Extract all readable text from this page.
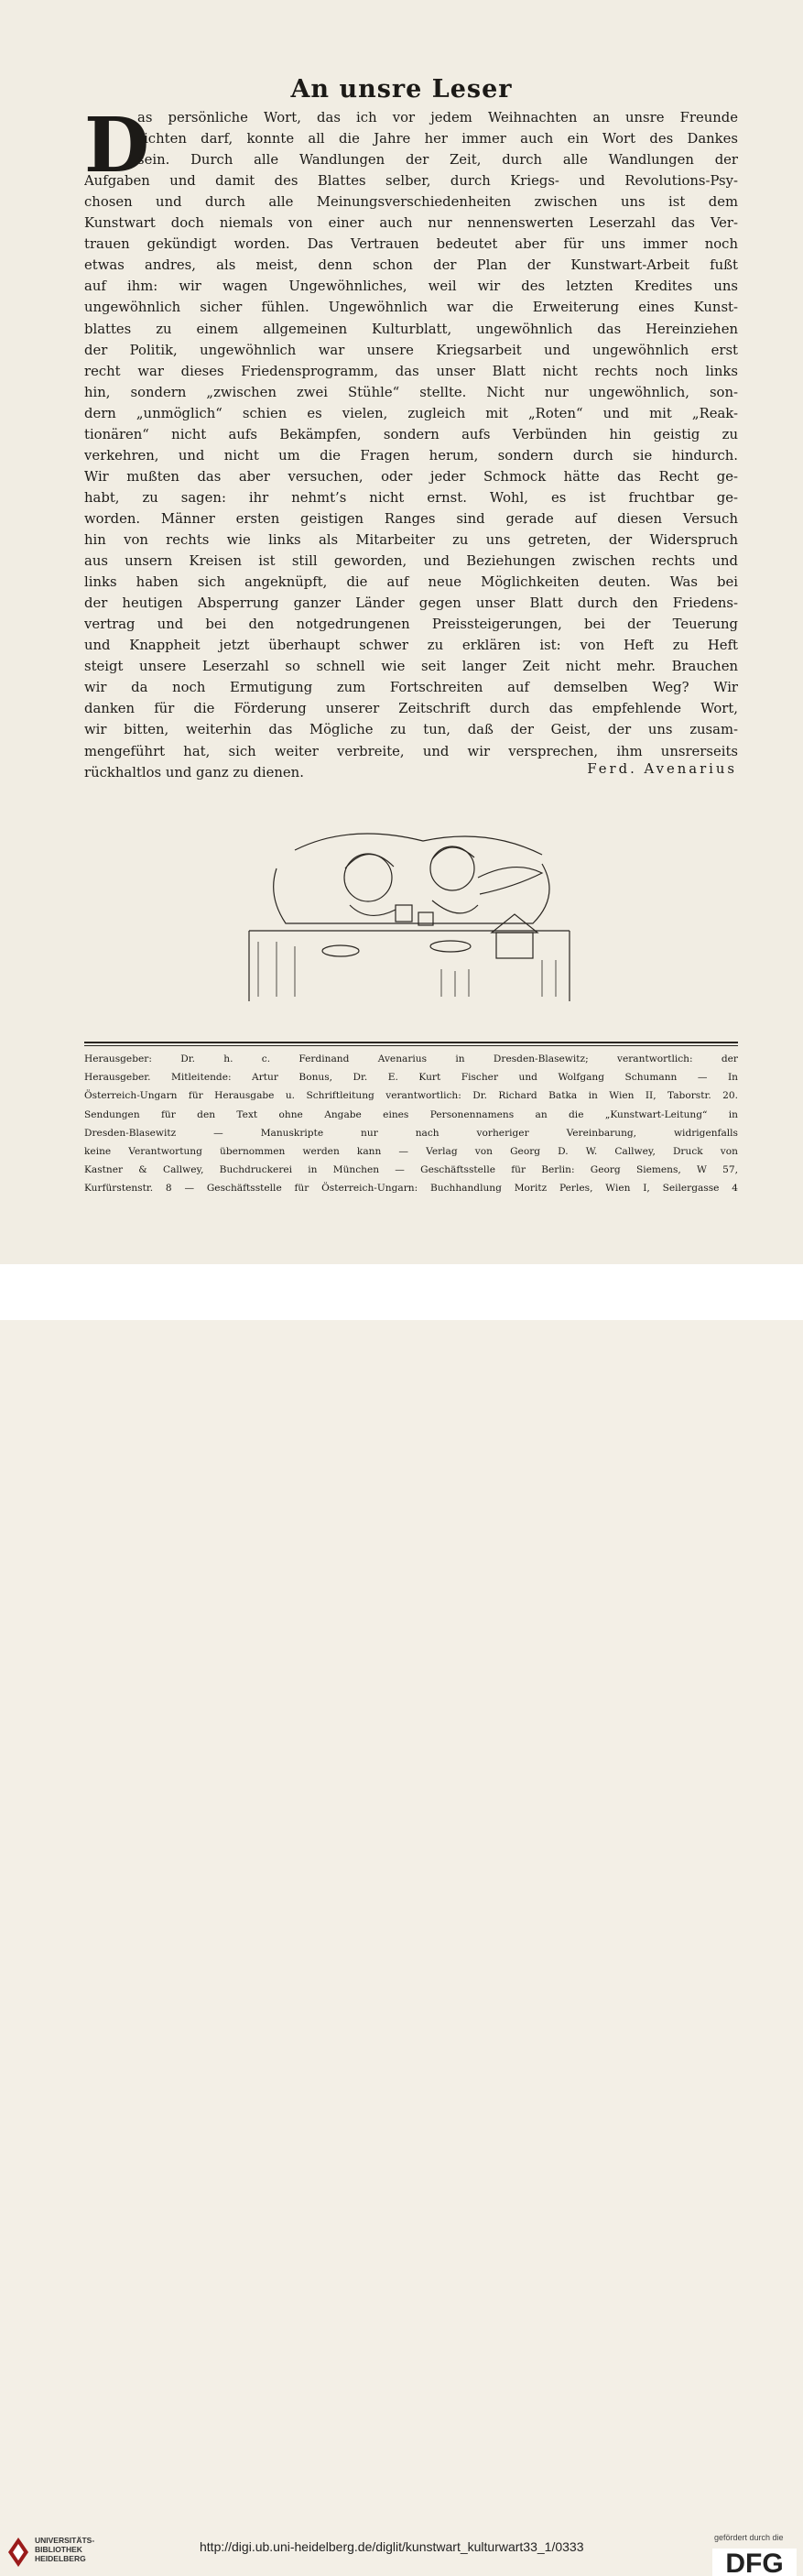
An unsre Leser
D
as persönliche Wort, das ich vor jedem Weihnachten an unsre Freunde
richten darf, konnte all die Jahre her immer auch ein Wort des Dankes
sein. Durch alle Wandlungen der Zeit, durch alle Wandlungen der
Aufgaben und damit des Blattes selber, durch Kriegs- und Revolutions-Psy-
chosen und durch alle Meinungsverschiedenheiten zwischen uns ist dem
Kunstwart doch niemals von einer auch nur nennenswerten Leserzahl das Ver-
trauen gekündigt worden. Das Vertrauen bedeutet aber für uns immer noch
etwas andres, als meist, denn schon der Plan der Kunstwart-Arbeit fußt
auf ihm: wir wagen Ungewöhnliches, weil wir des letzten Kredites uns
ungewöhnlich sicher fühlen. Ungewöhnlich war die Erweiterung eines Kunst-
blattes zu einem allgemeinen Kulturblatt, ungewöhnlich das Hereinziehen
der Politik, ungewöhnlich war unsere Kriegsarbeit und ungewöhnlich erst
recht war dieses Friedensprogramm, das unser Blatt nicht rechts noch links
hin, sondern „zwischen zwei Stühle“ stellte. Nicht nur ungewöhnlich, son-
dern „unmöglich“ schien es vielen, zugleich mit „Roten“ und mit „Reak-
tionären“ nicht aufs Bekämpfen, sondern aufs Verbünden hin geistig zu
verkehren, und nicht um die Fragen herum, sondern durch sie hindurch.
Wir mußten das aber versuchen, oder jeder Schmock hätte das Recht ge-
habt, zu sagen: ihr nehmt’s nicht ernst. Wohl, es ist fruchtbar ge-
worden. Männer ersten geistigen Ranges sind gerade auf diesen Versuch
hin von rechts wie links als Mitarbeiter zu uns getreten, der Widerspruch
aus unsern Kreisen ist still geworden, und Beziehungen zwischen rechts und
links haben sich angeknüpft, die auf neue Möglichkeiten deuten. Was bei
der heutigen Absperrung ganzer Länder gegen unser Blatt durch den Friedens-
vertrag und bei den notgedrungenen Preissteigerungen, bei der Teuerung
und Knappheit jetzt überhaupt schwer zu erklären ist: von Heft zu Heft
steigt unsere Leserzahl so schnell wie seit langer Zeit nicht mehr. Brauchen
wir da noch Ermutigung zum Fortschreiten auf demselben Weg? Wir
danken für die Förderung unserer Zeitschrift durch das empfehlende Wort,
wir bitten, weiterhin das Mögliche zu tun, daß der Geist, der uns zusam-
mengeführt hat, sich weiter verbreite, und wir versprechen, ihm unsrerseits
rückhaltlos und ganz zu dienen.	Ferd. Avenarius
Herausgeber: Dr. h. c. Ferdinand Avenarius in Dresden-Blasewitz; verantwortlich: der
Herausgeber. Mitleitende: Artur Bonus, Dr. E. Kurt Fischer und Wolfgang Schumann — In
Österreich-Ungarn für Herausgabe u. Schriftleitung verantwortlich: Dr. Richard Batka in Wien II, Taborstr. 20.
Sendungen für den Text ohne Angabe eines Personennamens an die „Kunstwart-Leitung“ in
Dresden-Blasewitz — Manuskripte nur nach vorheriger Vereinbarung, widrigenfalls
keine Verantwortung übernommen werden kann — Verlag von Georg D. W. Callwey, Druck von
Kastner & Callwey, Buchdruckerei in München — Geschäftsstelle für Berlin: Georg Siemens, W 57,
Kurfürstenstr. 8 — Geschäftsstelle für Österreich-Ungarn: Buchhandlung Moritz Perles, Wien I, Seilergasse 4
UNIVERSITÄTS-
BIBLIOTHEK
HEIDELBERG
http://digi.ub.uni-heidelberg.de/diglit/kunstwart_kulturwart33_1/0333
gefördert durch die
DFG
